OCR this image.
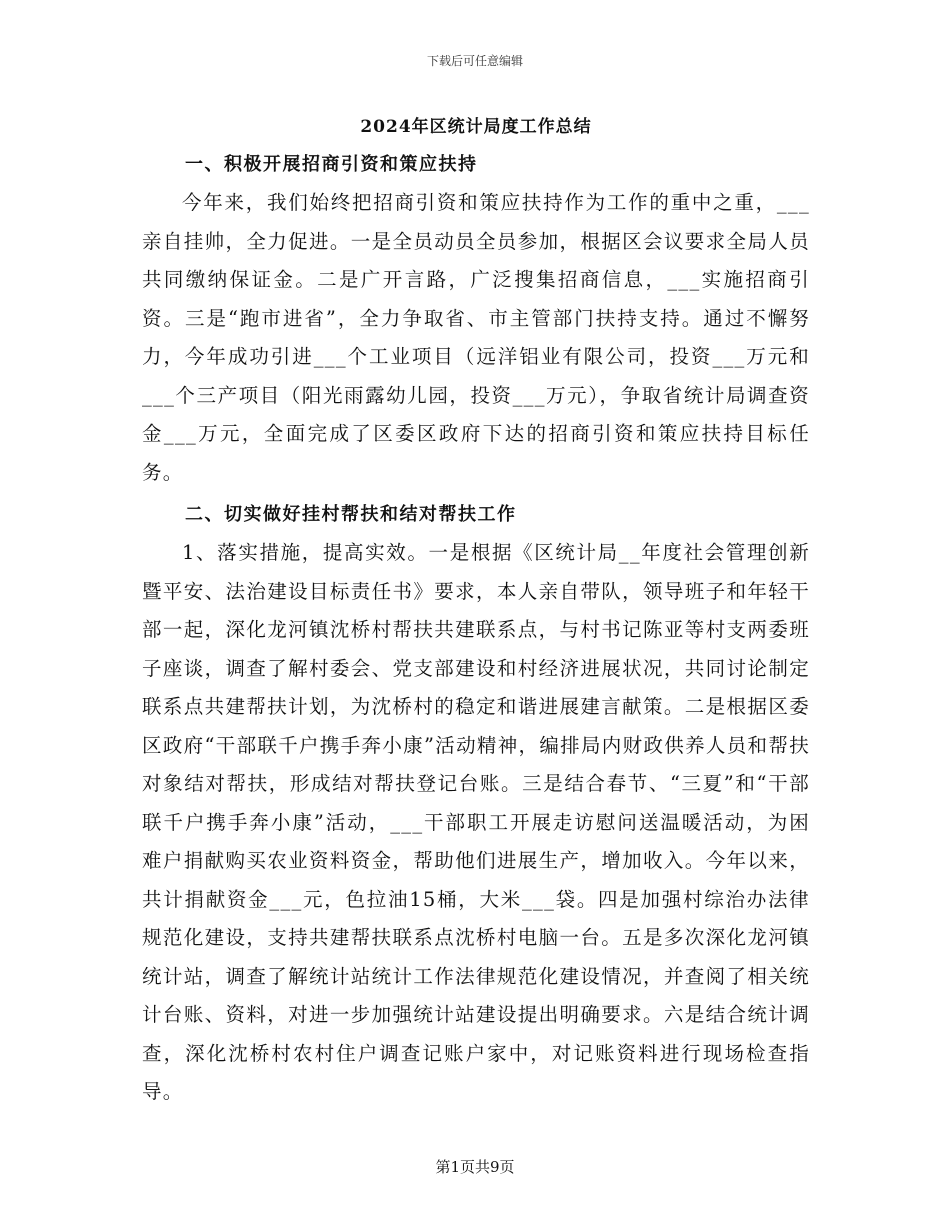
下载后可任意编辑
2024年区统计局度工作总结
一、积极开展招商引资和策应扶持

今年来，我们始终把招商引资和策应扶持作为工作的重中之重，___亲自挂帅，全力促进。一是全员动员全员参加，根据区会议要求全局人员共同缴纳保证金。二是广开言路，广泛搜集招商信息，___实施招商引资。三是“跑市进省”，全力争取省、市主管部门扶持支持。通过不懈努力，今年成功引进___个工业项目（远洋铝业有限公司，投资___万元和___个三产项目（阳光雨露幼儿园，投资___万元），争取省统计局调查资金___万元，全面完成了区委区政府下达的招商引资和策应扶持目标任务。

二、切实做好挂村帮扶和结对帮扶工作

1、落实措施，提高实效。一是根据《区统计局__年度社会管理创新暨平安、法治建设目标责任书》要求，本人亲自带队，领导班子和年轻干部一起，深化龙河镇沈桥村帮扶共建联系点，与村书记陈亚等村支两委班子座谈，调查了解村委会、党支部建设和村经济进展状况，共同讨论制定联系点共建帮扶计划，为沈桥村的稳定和谐进展建言献策。二是根据区委区政府“干部联千户携手奔小康”活动精神，编排局内财政供养人员和帮扶对象结对帮扶，形成结对帮扶登记台账。三是结合春节、“三夏”和“干部联千户携手奔小康”活动，___干部职工开展走访慰问送温暖活动，为困难户捐献购买农业资料资金，帮助他们进展生产，增加收入。今年以来，共计捐献资金___元，色拉油15桶，大米___袋。四是加强村综治办法律规范化建设，支持共建帮扶联系点沈桥村电脑一台。五是多次深化龙河镇统计站，调查了解统计站统计工作法律规范化建设情况，并查阅了相关统计台账、资料，对进一步加强统计站建设提出明确要求。六是结合统计调查，深化沈桥村农村住户调查记账户家中，对记账资料进行现场检查指导。

第1页共9页
